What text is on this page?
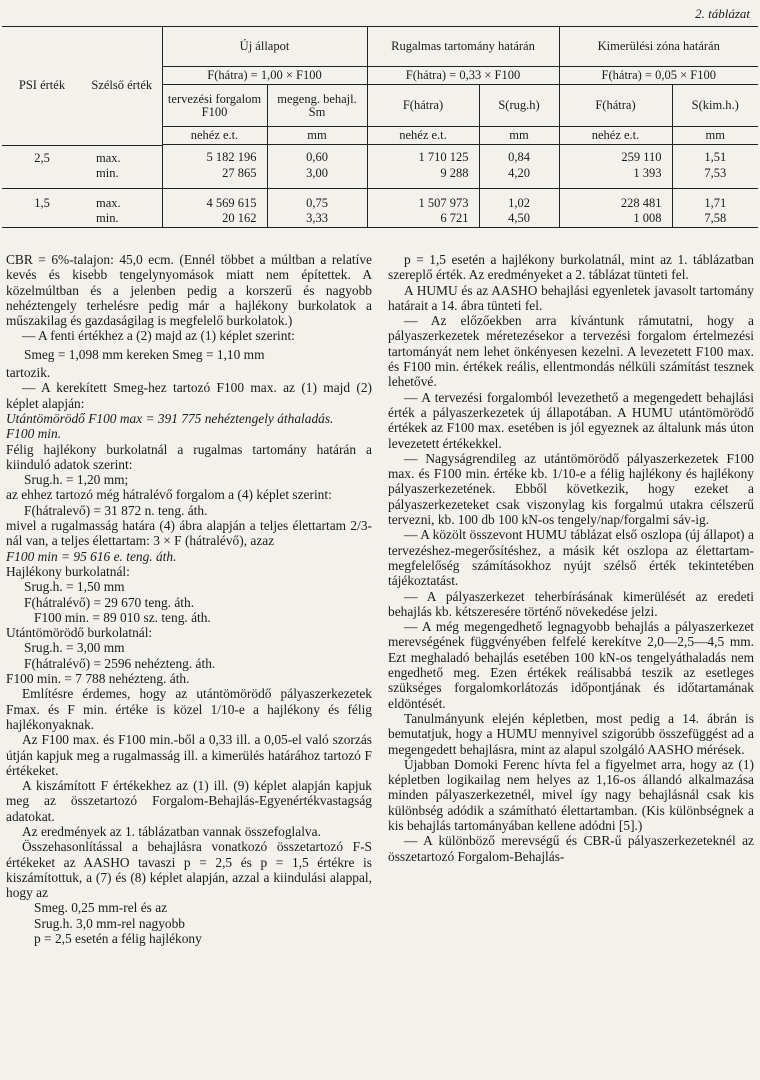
2. táblázat
PSI érték	Szélső érték	Új állapot		Rugalmas tartomány határán		Kimerülési zóna határán	
		F(hátra) = 1,00 × F100		F(hátra) = 0,33 × F100		F(hátra) = 0,05 × F100	
		tervezési forgalom F100	megeng. behajl. Sm	F(hátra)	S(rug.h)	F(hátra)	S(kim.h.)
		nehéz e.t.	mm	nehéz e.t.	mm	nehéz e.t.	mm

2,5	max.	5 182 196	0,60	1 710 125	0,84	259 110	1,51
	min.	27 865	3,00	9 288	4,20	1 393	7,53
1,5	max.	4 569 615	0,75	1 507 973	1,02	228 481	1,71
	min.	20 162	3,33	6 721	4,50	1 008	7,58

CBR = 6%-talajon: 45,0 ecm. (Ennél többet a múltban a relatíve kevés és kisebb tengelynyomások miatt nem építettek. A közelmúltban és a jelenben pedig a korszerű és nagyobb nehéztengely terhelésre pedig már a hajlékony burkolatok a műszakilag és gazdaságilag is megfelelő burkolatok.)

— A fenti értékhez a (2) majd az (1) képlet szerint:

Smeg = 1,098 mm kereken Smeg = 1,10 mm

tartozik.

— A kerekített Smeg-hez tartozó F100 max. az (1) majd (2) képlet alapján:

Utántömörödő F100 max = 391 775 nehéztengely áthaladás.

F100 min.

Félig hajlékony burkolatnál a rugalmas tartomány határán a kiinduló adatok szerint:

Srug.h. = 1,20 mm;

az ehhez tartozó még hátralévő forgalom a (4) képlet szerint:

F(hátralevő) = 31 872 n. teng. áth.

mivel a rugalmasság határa (4) ábra alapján a teljes élettartam 2/3-nál van, a teljes élettartam: 3 × F (hátralévő), azaz

F100 min = 95 616 e. teng. áth.

Hajlékony burkolatnál:

Srug.h. = 1,50 mm

F(hátralévő) = 29 670 teng. áth.

F100 min. = 89 010 sz. teng. áth.

Utántömörödő burkolatnál:

Srug.h. = 3,00 mm

F(hátralévő) = 2596 nehézteng. áth.

F100 min. = 7 788 nehézteng. áth.

Említésre érdemes, hogy az utántömörödő pályaszerkezetek Fmax. és F min. értéke is közel 1/10-e a hajlékony és félig hajlékonyaknak.

Az F100 max. és F100 min.-ből a 0,33 ill. a 0,05-el való szorzás útján kapjuk meg a rugalmasság ill. a kimerülés határához tartozó F értékeket.

A kiszámított F értékekhez az (1) ill. (9) képlet alapján kapjuk meg az összetartozó Forgalom-Behajlás-Egyenértékvastagság adatokat.

Az eredmények az 1. táblázatban vannak összefoglalva.

Összehasonlítással a behajlásra vonatkozó összetartozó F-S értékeket az AASHO tavaszi p = 2,5 és p = 1,5 értékre is kiszámítottuk, a (7) és (8) képlet alapján, azzal a kiindulási alappal, hogy az

Smeg. 0,25 mm-rel és az

Srug.h. 3,0 mm-rel nagyobb

p = 2,5 esetén a félig hajlékony

p = 1,5 esetén a hajlékony burkolatnál, mint az 1. táblázatban szereplő érték. Az eredményeket a 2. táblázat tünteti fel.

A HUMU és az AASHO behajlási egyenletek javasolt tartomány határait a 14. ábra tünteti fel.

— Az előzőekben arra kívántunk rámutatni, hogy a pályaszerkezetek méretezésekor a tervezési forgalom értelmezési tartományát nem lehet önkényesen kezelni. A levezetett F100 max. és F100 min. értékek reális, ellentmondás nélküli számítást tesznek lehetővé.

— A tervezési forgalomból levezethető a megengedett behajlási érték a pályaszerkezetek új állapotában. A HUMU utántömörödő értékek az F100 max. esetében is jól egyeznek az általunk más úton levezetett értékekkel.

— Nagyságrendileg az utántömörödő pályaszerkezetek F100 max. és F100 min. értéke kb. 1/10-e a félig hajlékony és hajlékony pályaszerkezetének. Ebből következik, hogy ezeket a pályaszerkezeteket csak viszonylag kis forgalmú utakra célszerű tervezni, kb. 100 db 100 kN-os tengely/nap/forgalmi sáv-ig.

— A közölt összevont HUMU táblázat első oszlopa (új állapot) a tervezéshez-megerősítéshez, a másik két oszlopa az élettartam-megfelelőség számításokhoz nyújt szélső érték tekintetében tájékoztatást.

— A pályaszerkezet teherbírásának kimerülését az eredeti behajlás kb. kétszeresére történő növekedése jelzi.

— A még megengedhető legnagyobb behajlás a pályaszerkezet merevségének függvényében felfelé kerekítve 2,0—2,5—4,5 mm. Ezt meghaladó behajlás esetében 100 kN-os tengelyáthaladás nem engedhető meg. Ezen értékek reálisabbá teszik az esetleges szükséges forgalomkorlátozás időpontjának és időtartamának eldöntését.

Tanulmányunk elején képletben, most pedig a 14. ábrán is bemutatjuk, hogy a HUMU mennyivel szigorúbb összefüggést ad a megengedett behajlásra, mint az alapul szolgáló AASHO mérések.

Újabban Domoki Ferenc hívta fel a figyelmet arra, hogy az (1) képletben logikailag nem helyes az 1,16-os állandó alkalmazása minden pályaszerkezetnél, mivel így nagy behajlásnál csak kis különbség adódik a számítható élettartamban. (Kis különbségnek a kis behajlás tartományában kellene adódni [5].)

— A különböző merevségű és CBR-ű pályaszerkezeteknél az összetartozó Forgalom-Behajlás-
